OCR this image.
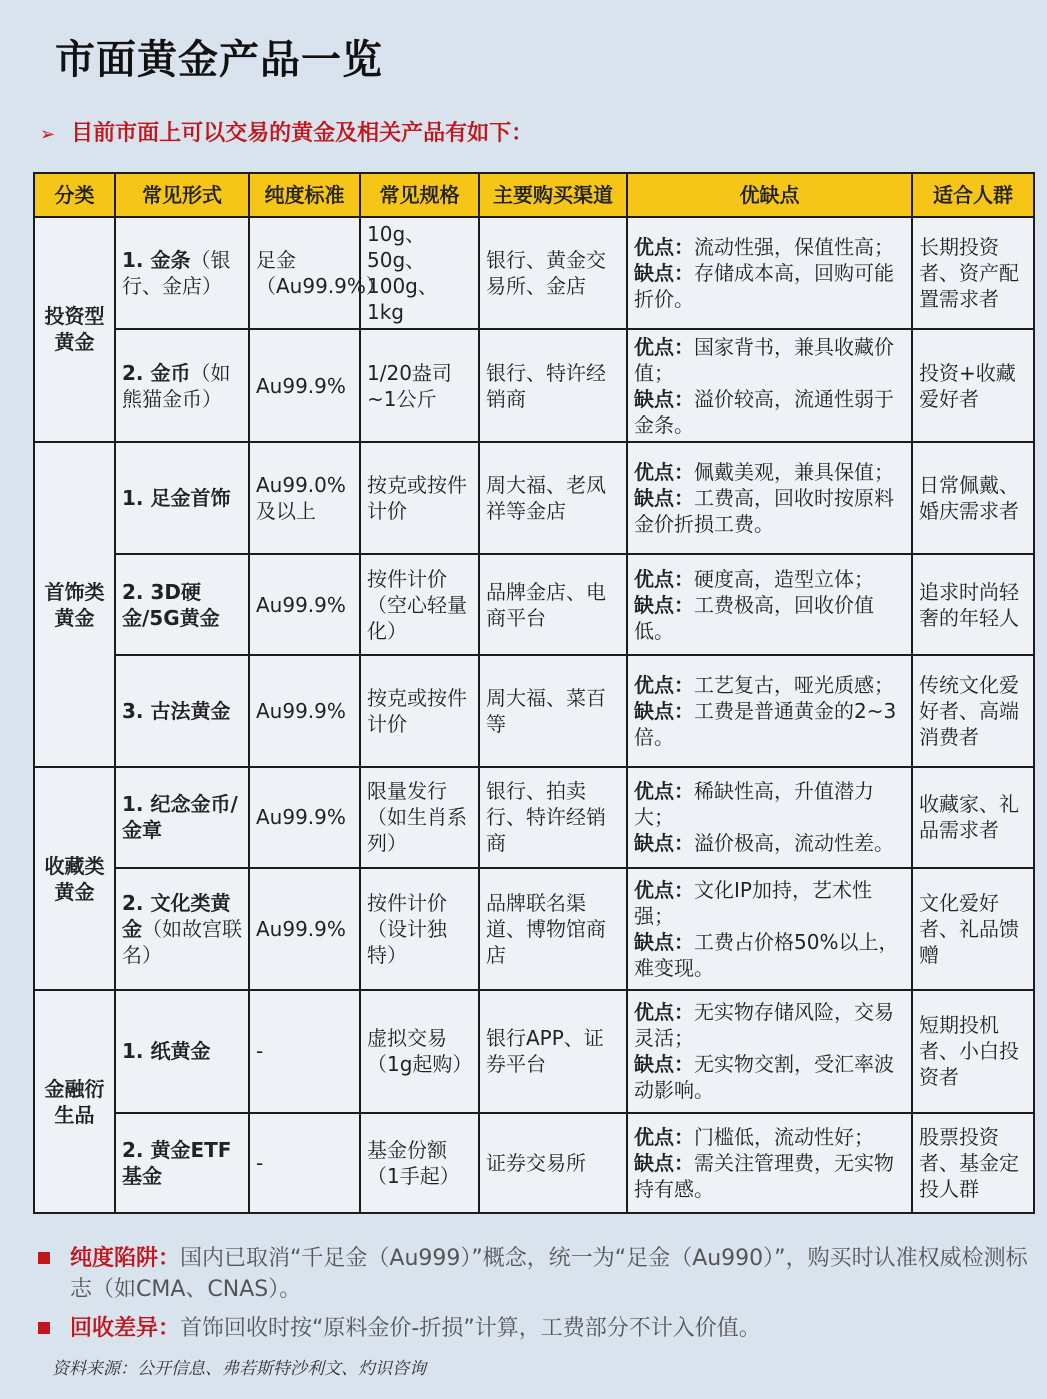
市面黄金产品一览
➢ 目前市面上可以交易的黄金及相关产品有如下：
分类	常见形式	纯度标准	常见规格	主要购买渠道	优缺点	适合人群
投资型黄金	1. 金条（银行、金店）	足金（Au99.9%）	10g、50g、100g、1kg	银行、黄金交易所、金店	优点：流动性强，保值性高；
缺点：存储成本高，回购可能折价。	长期投资者、资产配置需求者
	2. 金币（如熊猫金币）	Au99.9%	1/20盎司~1公斤	银行、特许经销商	优点：国家背书，兼具收藏价值；
缺点：溢价较高，流通性弱于金条。	投资+收藏爱好者
首饰类黄金	1. 足金首饰	Au99.0%及以上	按克或按件计价	周大福、老凤祥等金店	优点：佩戴美观，兼具保值；
缺点：工费高，回收时按原料金价折损工费。	日常佩戴、婚庆需求者
	2. 3D硬金/5G黄金	Au99.9%	按件计价（空心轻量化）	品牌金店、电商平台	优点：硬度高，造型立体；
缺点：工费极高，回收价值低。	追求时尚轻奢的年轻人
	3. 古法黄金	Au99.9%	按克或按件计价	周大福、菜百等	优点：工艺复古，哑光质感；
缺点：工费是普通黄金的2~3倍。	传统文化爱好者、高端消费者
收藏类黄金	1. 纪念金币/金章	Au99.9%	限量发行（如生肖系列）	银行、拍卖行、特许经销商	优点：稀缺性高，升值潜力大；
缺点：溢价极高，流动性差。	收藏家、礼品需求者
	2. 文化类黄金（如故宫联名）	Au99.9%	按件计价（设计独特）	品牌联名渠道、博物馆商店	优点：文化IP加持，艺术性强；
缺点：工费占价格50%以上，难变现。	文化爱好者、礼品馈赠
金融衍生品	1. 纸黄金	-	虚拟交易（1g起购）	银行APP、证券平台	优点：无实物存储风险，交易灵活；
缺点：无实物交割，受汇率波动影响。	短期投机者、小白投资者
	2. 黄金ETF基金	-	基金份额（1手起）	证券交易所	优点：门槛低，流动性好；
缺点：需关注管理费，无实物持有感。	股票投资者、基金定投人群
纯度陷阱：国内已取消“千足金（Au999）”概念，统一为“足金（Au990）”，购买时认准权威检测标志（如CMA、CNAS）。
回收差异：首饰回收时按“原料金价-折损”计算，工费部分不计入价值。
资料来源：公开信息、弗若斯特沙利文、灼识咨询
